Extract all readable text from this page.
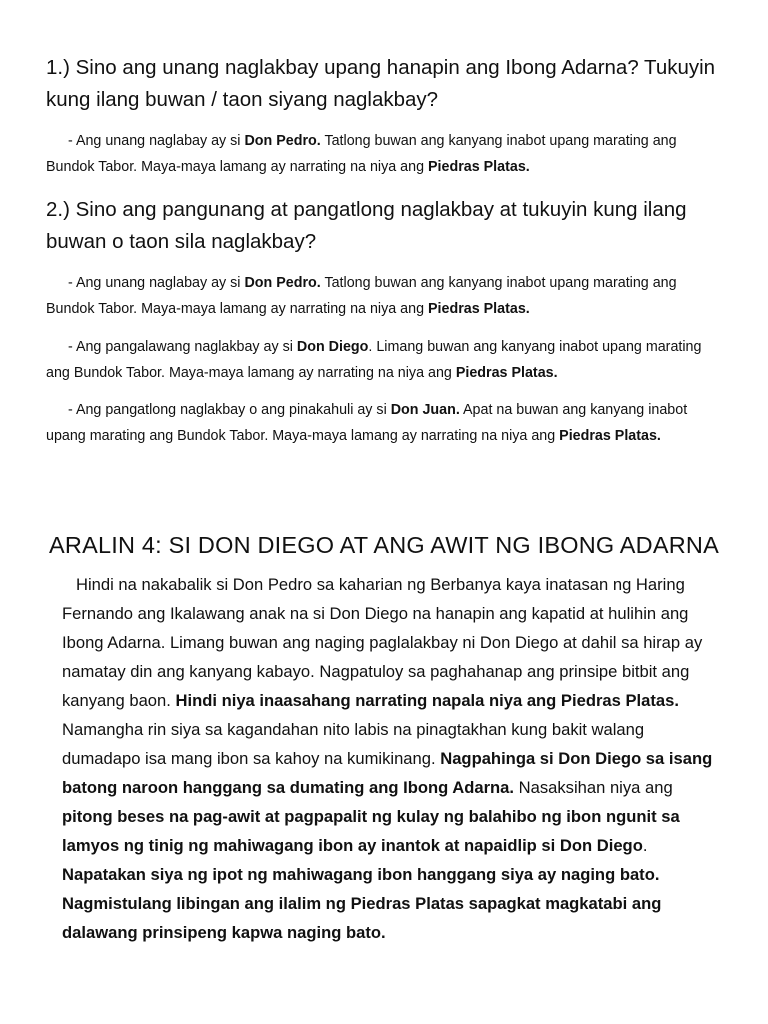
1.) Sino ang unang naglakbay upang hanapin ang Ibong Adarna? Tukuyin kung ilang buwan / taon siyang naglakbay?

- Ang unang naglabay ay si Don Pedro. Tatlong buwan ang kanyang inabot upang marating ang Bundok Tabor. Maya-maya lamang ay narrating na niya ang Piedras Platas.

2.) Sino ang pangunang at pangatlong naglakbay at tukuyin kung ilang buwan o taon sila naglakbay?

- Ang unang naglabay ay si Don Pedro. Tatlong buwan ang kanyang inabot upang marating ang Bundok Tabor. Maya-maya lamang ay narrating na niya ang Piedras Platas.

- Ang pangalawang naglakbay ay si Don Diego. Limang buwan ang kanyang inabot upang marating ang Bundok Tabor. Maya-maya lamang ay narrating na niya ang Piedras Platas.

- Ang pangatlong naglakbay o ang pinakahuli ay si Don Juan. Apat na buwan ang kanyang inabot upang marating ang Bundok Tabor. Maya-maya lamang ay narrating na niya ang Piedras Platas.

ARALIN 4: SI DON DIEGO AT ANG AWIT NG IBONG ADARNA

Hindi na nakabalik si Don Pedro sa kaharian ng Berbanya kaya inatasan ng Haring Fernando ang Ikalawang anak na si Don Diego na hanapin ang kapatid at hulihin ang Ibong Adarna. Limang buwan ang naging paglalakbay ni Don Diego at dahil sa hirap ay namatay din ang kanyang kabayo. Nagpatuloy sa paghahanap ang prinsipe bitbit ang kanyang baon. Hindi niya inaasahang narrating napala niya ang Piedras Platas. Namangha rin siya sa kagandahan nito labis na pinagtakhan kung bakit walang dumadapo isa mang ibon sa kahoy na kumikinang. Nagpahinga si Don Diego sa isang batong naroon hanggang sa dumating ang Ibong Adarna. Nasaksihan niya ang pitong beses na pag-awit at pagpapalit ng kulay ng balahibo ng ibon ngunit sa lamyos ng tinig ng mahiwagang ibon ay inantok at napaidlip si Don Diego. Napatakan siya ng ipot ng mahiwagang ibon hanggang siya ay naging bato. Nagmistulang libingan ang ilalim ng Piedras Platas sapagkat magkatabi ang dalawang prinsipeng kapwa naging bato.
